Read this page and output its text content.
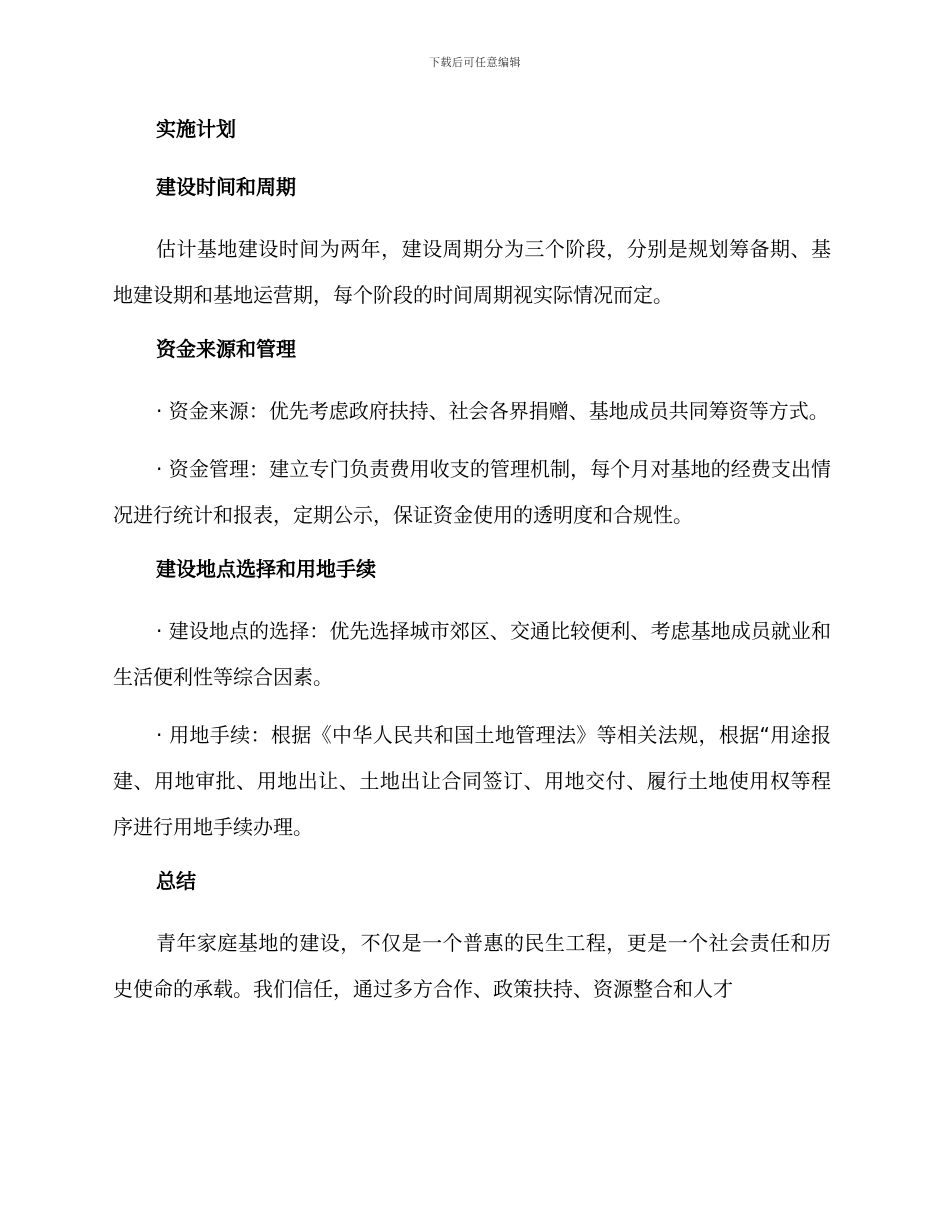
下载后可任意编辑
实施计划
建设时间和周期
估计基地建设时间为两年，建设周期分为三个阶段，分别是规划筹备期、基地建设期和基地运营期，每个阶段的时间周期视实际情况而定。
资金来源和管理
· 资金来源：优先考虑政府扶持、社会各界捐赠、基地成员共同筹资等方式。
· 资金管理：建立专门负责费用收支的管理机制，每个月对基地的经费支出情况进行统计和报表，定期公示，保证资金使用的透明度和合规性。
建设地点选择和用地手续
· 建设地点的选择：优先选择城市郊区、交通比较便利、考虑基地成员就业和生活便利性等综合因素。
· 用地手续：根据《中华人民共和国土地管理法》等相关法规，根据“用途报建、用地审批、用地出让、土地出让合同签订、用地交付、履行土地使用权等程序进行用地手续办理。
总结
青年家庭基地的建设，不仅是一个普惠的民生工程，更是一个社会责任和历史使命的承载。我们信任，通过多方合作、政策扶持、资源整合和人才
